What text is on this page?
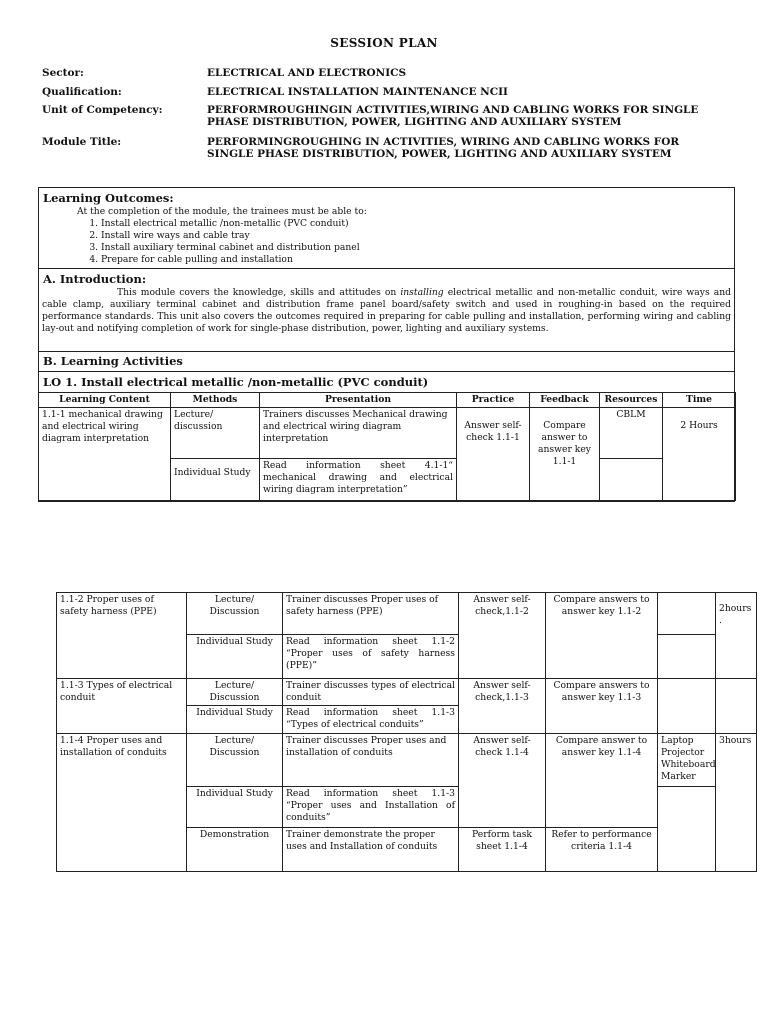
SESSION PLAN
Sector:	ELECTRICAL AND ELECTRONICS
Qualification:	ELECTRICAL INSTALLATION MAINTENANCE NCII
Unit of Competency:	PERFORMROUGHINGIN ACTIVITIES,WIRING AND CABLING WORKS FOR SINGLE PHASE DISTRIBUTION, POWER, LIGHTING AND AUXILIARY SYSTEM
Module Title:	PERFORMINGROUGHING IN ACTIVITIES, WIRING AND CABLING WORKS FOR SINGLE PHASE DISTRIBUTION, POWER, LIGHTING AND AUXILIARY SYSTEM
Learning Outcomes:
At the completion of the module, the trainees must be able to:
1. Install electrical metallic /non-metallic (PVC conduit)
2. Install wire ways and cable tray
3. Install auxiliary terminal cabinet and distribution panel
4. Prepare for cable pulling and installation
A. Introduction:
This module covers the knowledge, skills and attitudes on installing electrical metallic and non-metallic conduit, wire ways and cable clamp, auxiliary terminal cabinet and distribution frame panel board/safety switch and used in roughing-in based on the required performance standards. This unit also covers the outcomes required in preparing for cable pulling and installation, performing wiring and cabling lay-out and notifying completion of work for single-phase distribution, power, lighting and auxiliary systems.
B. Learning Activities
LO 1. Install electrical metallic /non-metallic (PVC conduit)
Learning Content	Methods	Presentation	Practice	Feedback	Resources	Time
1.1-1 mechanical drawing and electrical wiring diagram interpretation	Lecture/ discussion	Trainers discusses Mechanical drawing and electrical wiring diagram interpretation	Answer self-check 1.1-1	Compare answer to answer key 1.1-1	CBLM	2 Hours
	Individual Study	Read information sheet 4.1-1“ mechanical drawing and electrical wiring diagram interpretation”				
1.1-2 Proper uses of safety harness (PPE)	Lecture/ Discussion	Trainer discusses Proper uses of safety harness (PPE)	Answer self-check,1.1-2	Compare answers to answer key 1.1-2		2hours .
	Individual Study	Read information sheet 1.1-2 “Proper uses of safety harness (PPE)”				
1.1-3 Types of electrical conduit	Lecture/ Discussion	Trainer discusses types of electrical conduit	Answer self-check,1.1-3	Compare answers to answer key 1.1-3		
	Individual Study	Read information sheet 1.1-3 “Types of electrical conduits”				
1.1-4 Proper uses and installation of conduits	Lecture/ Discussion	Trainer discusses Proper uses and installation of conduits	Answer self-check 1.1-4	Compare answer to answer key 1.1-4	Laptop Projector Whiteboard Marker	3hours
	Individual Study	Read information sheet 1.1-3 “Proper uses and Installation of conduits”				
	Demonstration	Trainer demonstrate the proper uses and Installation of conduits	Perform task sheet 1.1-4	Refer to performance criteria 1.1-4		
